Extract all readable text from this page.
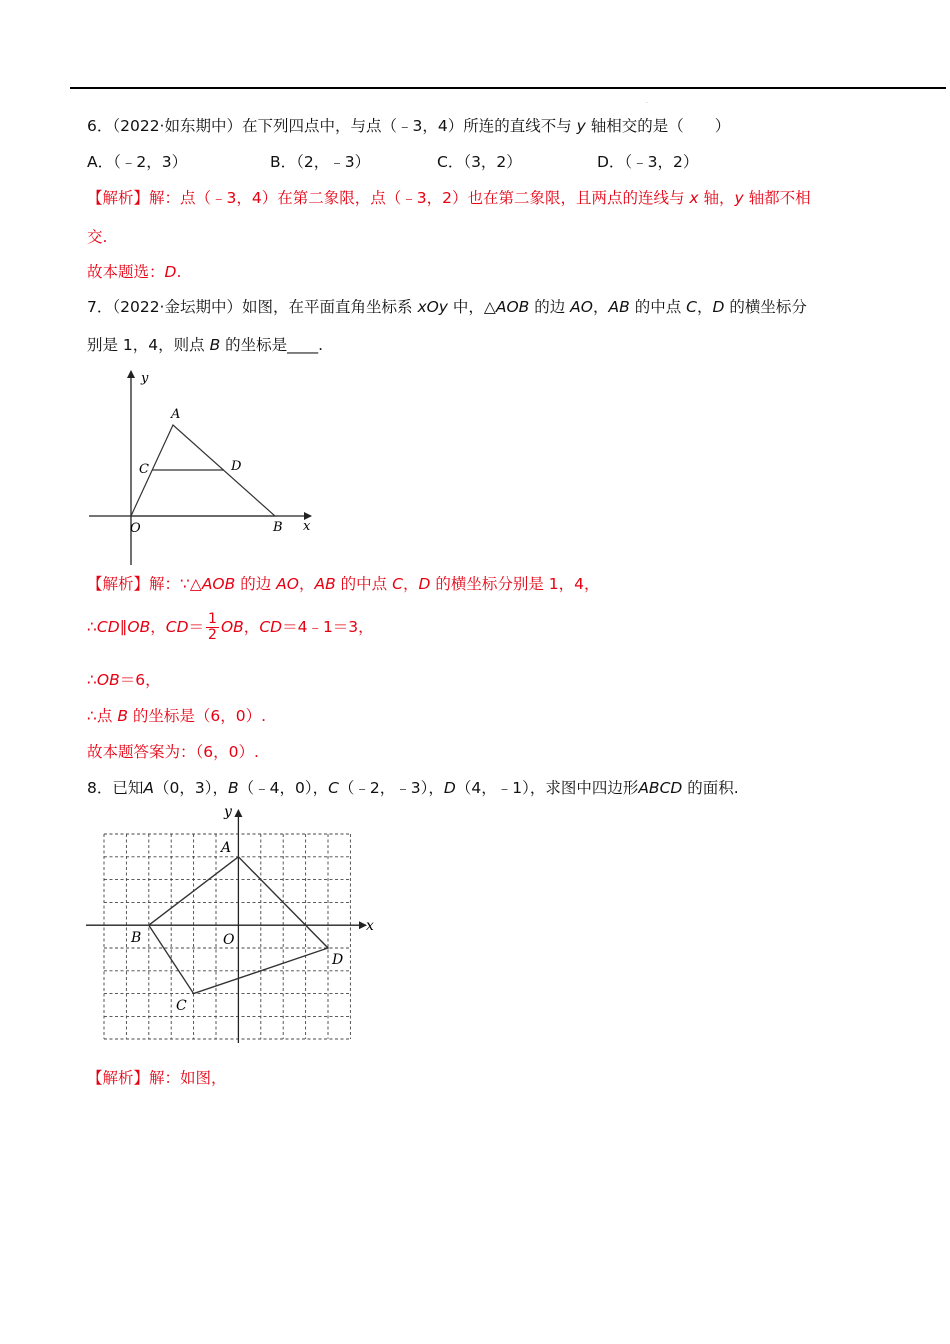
.
6．（2022·如东期中）在下列四点中，与点（﹣3，4）所连的直线不与 y 轴相交的是（　　）
A．（﹣2，3）	B．（2，﹣3）	C．（3，2）	D．（﹣3，2）
【解析】解：点（﹣3，4）在第二象限，点（﹣3，2）也在第二象限，且两点的连线与 x 轴，y 轴都不相
交.
故本题选：D.
7．（2022·金坛期中）如图，在平面直角坐标系 xOy 中，△AOB 的边 AO，AB 的中点 C，D 的横坐标分
别是 1，4，则点 B 的坐标是____.
y
x
A
C	D
O	B
【解析】解：∵△AOB 的边 AO，AB 的中点 C，D 的横坐标分别是 1，4，
∴CD∥OB，$CD= \frac{1}{2}$ OB，CD＝4﹣1＝3，
∴OB＝6，
∴点 B 的坐标是（6，0）.
故本题答案为：（6，0）.
8．已知A（0，3），B（﹣4，0），C（﹣2，﹣3），D（4，﹣1），求图中四边形ABCD 的面积.
y
x
A
B	O
C
D
【解析】解：如图，
